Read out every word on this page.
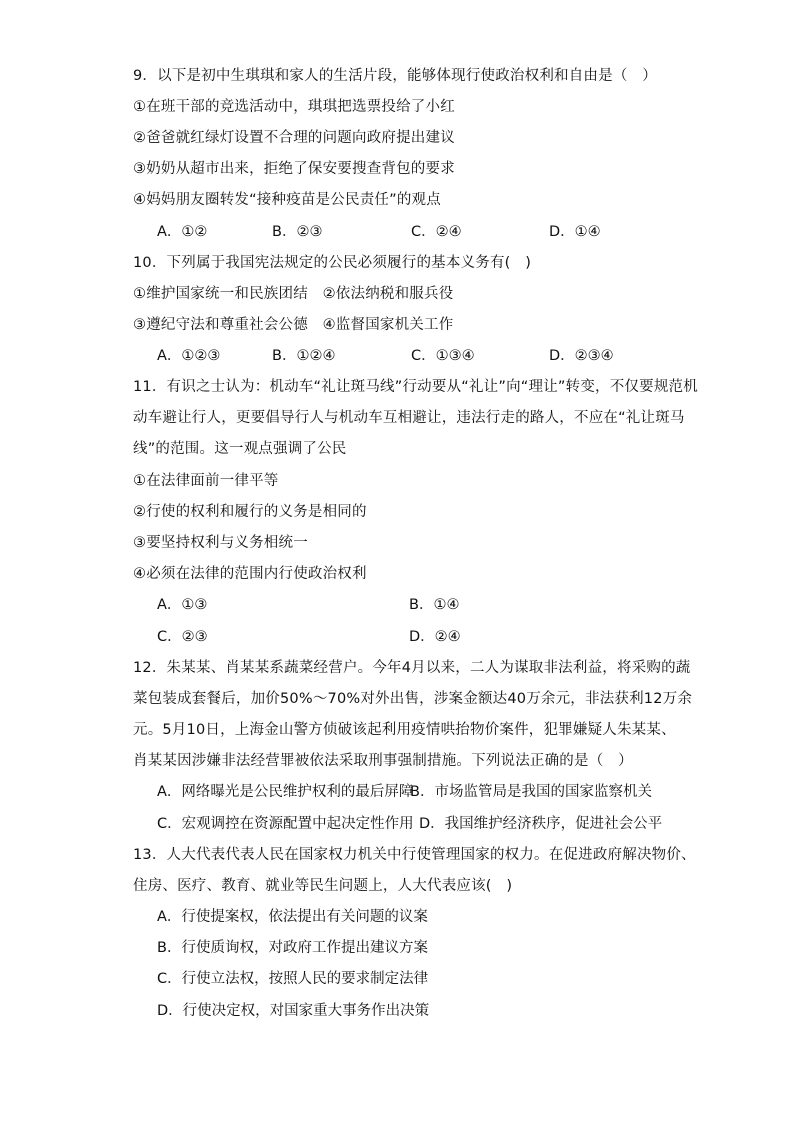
9．以下是初中生琪琪和家人的生活片段，能够体现行使政治权利和自由是（　）
①在班干部的竞选活动中，琪琪把选票投给了小红
②爸爸就红绿灯设置不合理的问题向政府提出建议
③奶奶从超市出来，拒绝了保安要搜查背包的要求
④妈妈朋友圈转发“接种疫苗是公民责任”的观点
A．①②	B．②③	C．②④	D．①④
10．下列属于我国宪法规定的公民必须履行的基本义务有(　)
①维护国家统一和民族团结　②依法纳税和服兵役
③遵纪守法和尊重社会公德　④监督国家机关工作
A．①②③	B．①②④	C．①③④	D．②③④
11．有识之士认为：机动车“礼让斑马线”行动要从“礼让”向“理让”转变，不仅要规范机
动车避让行人，更要倡导行人与机动车互相避让，违法行走的路人，不应在“礼让斑马
线”的范围。这一观点强调了公民
①在法律面前一律平等
②行使的权利和履行的义务是相同的
③要坚持权利与义务相统一
④必须在法律的范围内行使政治权利
A．①③	B．①④
C．②③	D．②④
12．朱某某、肖某某系蔬菜经营户。今年4月以来，二人为谋取非法利益，将采购的蔬
菜包装成套餐后，加价50%～70%对外出售，涉案金额达40万余元，非法获利12万余
元。5月10日，上海金山警方侦破该起利用疫情哄抬物价案件，犯罪嫌疑人朱某某、
肖某某因涉嫌非法经营罪被依法采取刑事强制措施。下列说法正确的是（　）
A．网络曝光是公民维护权利的最后屏障
B．市场监管局是我国的国家监察机关
C．宏观调控在资源配置中起决定性作用 D．我国维护经济秩序，促进社会公平
13．人大代表代表人民在国家权力机关中行使管理国家的权力。在促进政府解决物价、
住房、医疗、教育、就业等民生问题上，人大代表应该(　)
A．行使提案权，依法提出有关问题的议案
B．行使质询权，对政府工作提出建议方案
C．行使立法权，按照人民的要求制定法律
D．行使决定权，对国家重大事务作出决策
